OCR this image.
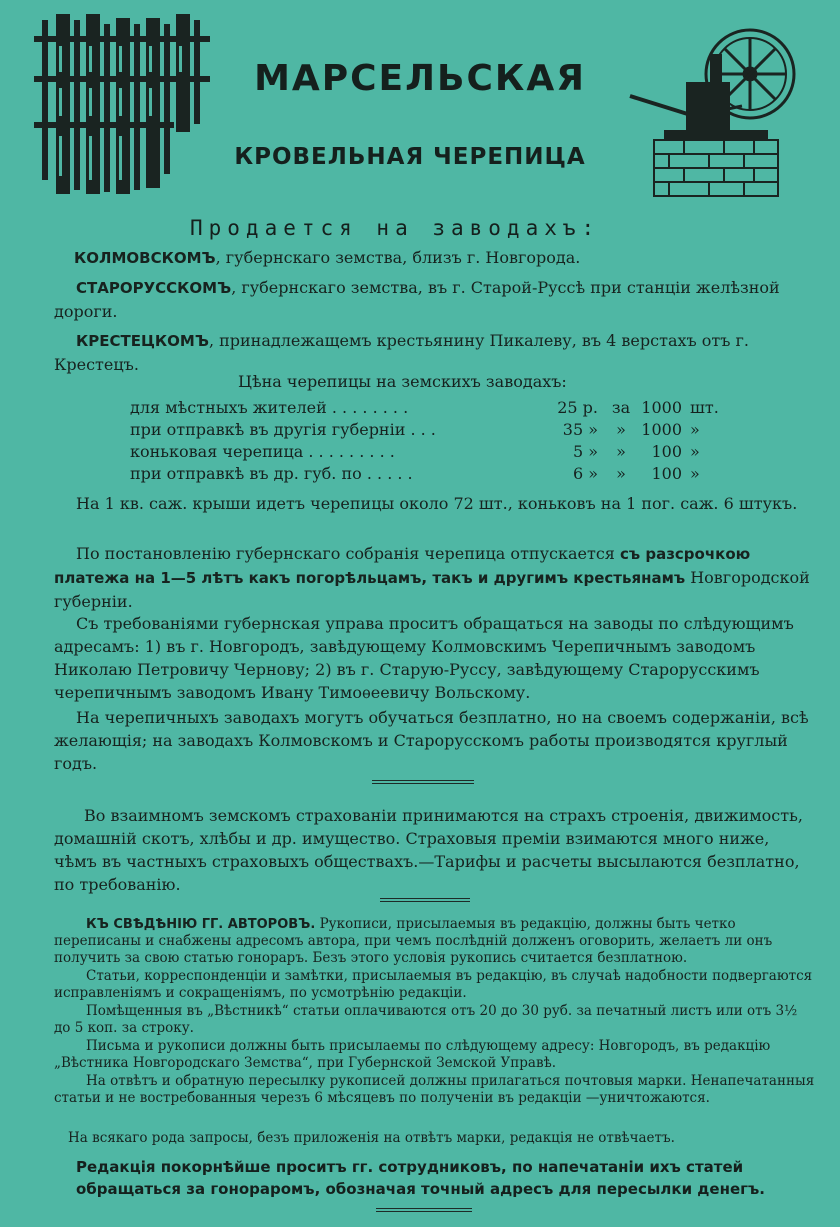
МАРСЕЛЬСКАЯ
КРОВЕЛЬНАЯ ЧЕРЕПИЦА

Продается на заводахъ:

КОЛМОВСКОМЪ, губернскаго земства, близъ г. Новгорода.

СТАРОРУССКОМЪ, губернскаго земства, въ г. Старой-Руссѣ при станціи желѣзной дороги.

КРЕСТЕЦКОМЪ, принадлежащемъ крестьянину Пикалеву, въ 4 верстахъ отъ г. Крестецъ.

Цѣна черепицы на земскихъ заводахъ:

для мѣстныхъ жителей . . . . . . . .	25 р. за 1000 шт.
при отправкѣ въ другія губерніи . . .	35 »	» 1000 »
коньковая черепица . . . . . . . . .	5 »	»	100 »
при отправкѣ въ др. губ. по . . . . .	6 »	»	100 »

На 1 кв. саж. крыши идетъ черепицы около 72 шт., коньковъ на 1 пог. саж. 6 штукъ.

По постановленію губернскаго собранія черепица отпускается съ разсрочкою платежа на 1—5 лѣтъ какъ погорѣльцамъ, такъ и другимъ крестьянамъ Новгородской губерніи.

Съ требованіями губернская управа проситъ обращаться на заводы по слѣдующимъ адресамъ: 1) въ г. Новгородъ, завѣдующему Колмовскимъ Черепичнымъ заводомъ Николаю Петровичу Чернову; 2) въ г. Старую-Руссу, завѣдующему Старорусскимъ черепичнымъ заводомъ Ивану Тимоѳеевичу Вольскому.

На черепичныхъ заводахъ могутъ обучаться безплатно, но на своемъ содержаніи, всѣ желающія; на заводахъ Колмовскомъ и Старорусскомъ работы производятся круглый годъ.

Во взаимномъ земскомъ страхованіи принимаются на страхъ строенія, движимость, домашній скотъ, хлѣбы и др. имущество. Страховыя преміи взимаются много ниже, чѣмъ въ частныхъ страховыхъ обществахъ.—Тарифы и расчеты высылаются безплатно, по требованію.

КЪ СВѢДѢНІЮ ГГ. АВТОРОВЪ. Рукописи, присылаемыя въ редакцію, должны быть четко переписаны и снабжены адресомъ автора, при чемъ послѣдній долженъ оговорить, желаетъ ли онъ получить за свою статью гонораръ. Безъ этого условія рукопись считается безплатною.

Статьи, корреспонденціи и замѣтки, присылаемыя въ редакцію, въ случаѣ надобности подвергаются исправленіямъ и сокращеніямъ, по усмотрѣнію редакціи.

Помѣщенныя въ „Вѣстникѣ“ статьи оплачиваются отъ 20 до 30 руб. за печатный листъ или отъ 3½ до 5 коп. за строку.

Письма и рукописи должны быть присылаемы по слѣдующему адресу: Новгородъ, въ редакцію „Вѣстника Новгородскаго Земства“, при Губернской Земской Управѣ.

На отвѣтъ и обратную пересылку рукописей должны прилагаться почтовыя марки. Ненапечатанныя статьи и не востребованныя черезъ 6 мѣсяцевъ по полученіи въ редакціи —уничтожаются.

На всякаго рода запросы, безъ приложенія на отвѣтъ марки, редакція не отвѣчаетъ.

Редакція покорнѣйше проситъ гг. сотрудниковъ, по напечатаніи ихъ статей обращаться за гонораромъ, обозначая точный адресъ для пересылки денегъ.
